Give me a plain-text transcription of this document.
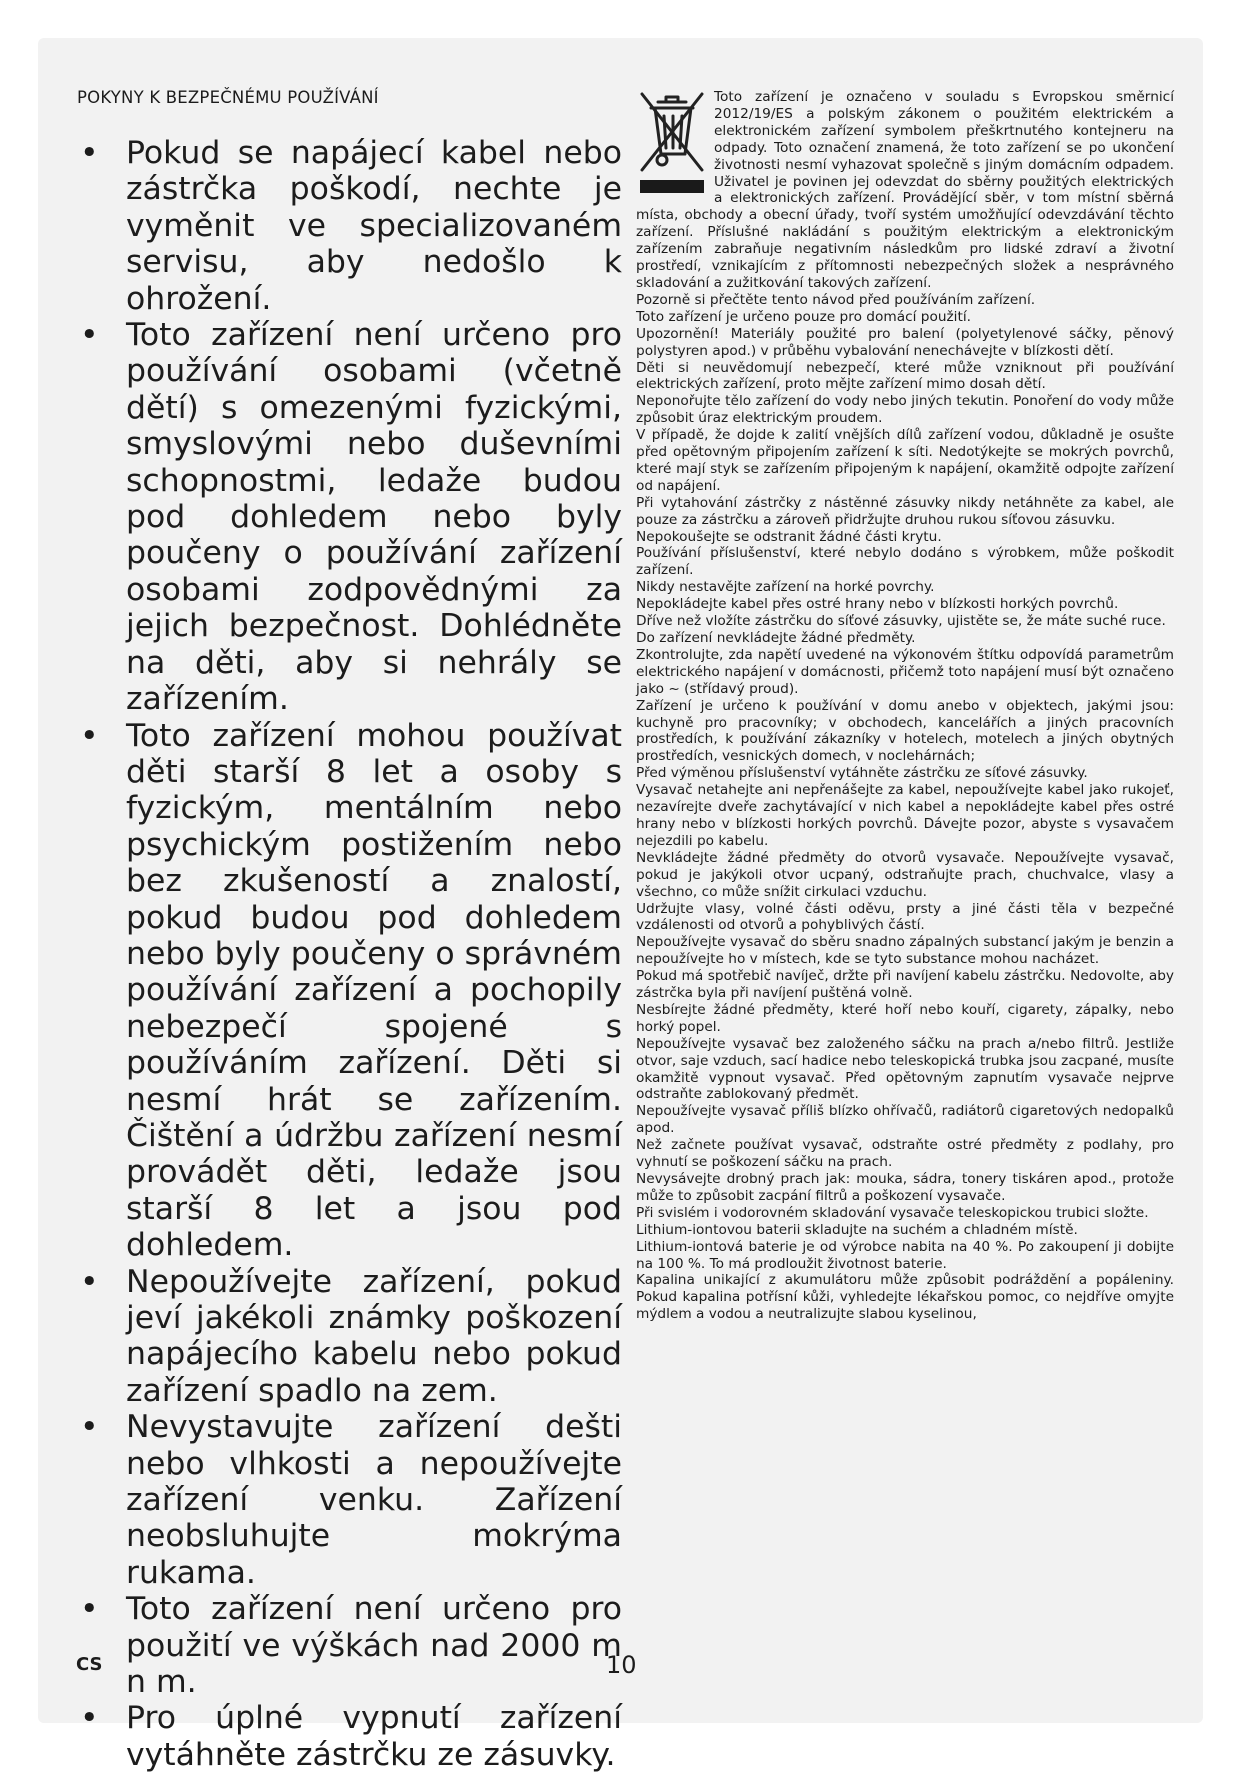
POKYNY K BEZPEČNÉMU POUŽÍVÁNÍ
• Pokud se napájecí kabel nebo zástrčka poškodí, nechte je vyměnit ve specializovaném servisu, aby nedošlo k ohrožení.
• Toto zařízení není určeno pro používání osobami (včetně dětí) s omezenými fyzickými, smyslovými nebo duševními schopnostmi, ledaže budou pod dohledem nebo byly poučeny o používání zařízení osobami zodpovědnými za jejich bezpečnost. Dohlédněte na děti, aby si nehrály se zařízením.
• Toto zařízení mohou používat děti starší 8 let a osoby s fyzickým, mentálním nebo psychickým postižením nebo bez zkušeností a znalostí, pokud budou pod dohledem nebo byly poučeny o správném používání zařízení a pochopily nebezpečí spojené s používáním zařízení. Děti si nesmí hrát se zařízením. Čištění a údržbu zařízení nesmí provádět děti, ledaže jsou starší 8 let a jsou pod dohledem.
• Nepoužívejte zařízení, pokud jeví jakékoli známky poškození napájecího kabelu nebo pokud zařízení spadlo na zem.
• Nevystavujte zařízení dešti nebo vlhkosti a nepoužívejte zařízení venku. Zařízení neobsluhujte mokrýma rukama.
• Toto zařízení není určeno pro použití ve výškách nad 2000 m n m.
• Pro úplné vypnutí zařízení vytáhněte zástrčku ze zásuvky.

Toto zařízení je označeno v souladu s Evropskou směrnicí 2012/19/ES a polským zákonem o použitém elektrickém a elektronickém zařízení symbolem přeškrtnutého kontejneru na odpady. Toto označení znamená, že toto zařízení se po ukončení životnosti nesmí vyhazovat společně s jiným domácním odpadem. Uživatel je povinen jej odevzdat do sběrny použitých elektrických a elektronických zařízení. Provádějící sběr, v tom místní sběrná místa, obchody a obecní úřady, tvoří systém umožňující odevzdávání těchto zařízení. Příslušné nakládání s použitým elektrickým a elektronickým zařízením zabraňuje negativním následkům pro lidské zdraví a životní prostředí, vznikajícím z přítomnosti nebezpečných složek a nesprávného skladování a zužitkování takových zařízení.

Pozorně si přečtěte tento návod před používáním zařízení.

Toto zařízení je určeno pouze pro domácí použití.

Upozornění! Materiály použité pro balení (polyetylenové sáčky, pěnový polystyren apod.) v průběhu vybalování nenechávejte v blízkosti dětí.

Děti si neuvědomují nebezpečí, které může vzniknout při používání elektrických zařízení, proto mějte zařízení mimo dosah dětí.

Neponořujte tělo zařízení do vody nebo jiných tekutin. Ponoření do vody může způsobit úraz elektrickým proudem.

V případě, že dojde k zalití vnějších dílů zařízení vodou, důkladně je osušte před opětovným připojením zařízení k síti. Nedotýkejte se mokrých povrchů, které mají styk se zařízením připojeným k napájení, okamžitě odpojte zařízení od napájení.

Při vytahování zástrčky z nástěnné zásuvky nikdy netáhněte za kabel, ale pouze za zástrčku a zároveň přidržujte druhou rukou síťovou zásuvku.

Nepokoušejte se odstranit žádné části krytu.

Používání příslušenství, které nebylo dodáno s výrobkem, může poškodit zařízení.

Nikdy nestavějte zařízení na horké povrchy.

Nepokládejte kabel přes ostré hrany nebo v blízkosti horkých povrchů.

Dříve než vložíte zástrčku do síťové zásuvky, ujistěte se, že máte suché ruce.

Do zařízení nevkládejte žádné předměty.

Zkontrolujte, zda napětí uvedené na výkonovém štítku odpovídá parametrům elektrického napájení v domácnosti, přičemž toto napájení musí být označeno jako ~ (střídavý proud).

Zařízení je určeno k používání v domu anebo v objektech, jakými jsou: kuchyně pro pracovníky; v obchodech, kancelářích a jiných pracovních prostředích, k používání zákazníky v hotelech, motelech a jiných obytných prostředích, vesnických domech, v noclehárnách;

Před výměnou příslušenství vytáhněte zástrčku ze síťové zásuvky.

Vysavač netahejte ani nepřenášejte za kabel, nepoužívejte kabel jako rukojeť, nezavírejte dveře zachytávající v nich kabel a nepokládejte kabel přes ostré hrany nebo v blízkosti horkých povrchů. Dávejte pozor, abyste s vysavačem nejezdili po kabelu.

Nevkládejte žádné předměty do otvorů vysavače. Nepoužívejte vysavač, pokud je jakýkoli otvor ucpaný, odstraňujte prach, chuchvalce, vlasy a všechno, co může snížit cirkulaci vzduchu.

Udržujte vlasy, volné části oděvu, prsty a jiné části těla v bezpečné vzdálenosti od otvorů a pohyblivých částí.

Nepoužívejte vysavač do sběru snadno zápalných substancí jakým je benzin a nepoužívejte ho v místech, kde se tyto substance mohou nacházet.

Pokud má spotřebič navíječ, držte při navíjení kabelu zástrčku. Nedovolte, aby zástrčka byla při navíjení puštěná volně.

Nesbírejte žádné předměty, které hoří nebo kouří, cigarety, zápalky, nebo horký popel.

Nepoužívejte vysavač bez založeného sáčku na prach a/nebo filtrů. Jestliže otvor, saje vzduch, sací hadice nebo teleskopická trubka jsou zacpané, musíte okamžitě vypnout vysavač. Před opětovným zapnutím vysavače nejprve odstraňte zablokovaný předmět.

Nepoužívejte vysavač příliš blízko ohřívačů, radiátorů cigaretových nedopalků apod.

Než začnete používat vysavač, odstraňte ostré předměty z podlahy, pro vyhnutí se poškození sáčku na prach.

Nevysávejte drobný prach jak: mouka, sádra, tonery tiskáren apod., protože může to způsobit zacpání filtrů a poškození vysavače.

Při svislém i vodorovném skladování vysavače teleskopickou trubici složte.

Lithium-iontovou baterii skladujte na suchém a chladném místě.

Lithium-iontová baterie je od výrobce nabita na 40 %. Po zakoupení ji dobijte na 100 %. To má prodloužit životnost baterie.

Kapalina unikající z akumulátoru může způsobit podráždění a popáleniny. Pokud kapalina potřísní kůži, vyhledejte lékařskou pomoc, co nejdříve omyjte mýdlem a vodou a neutralizujte slabou kyselinou,

CS	10
